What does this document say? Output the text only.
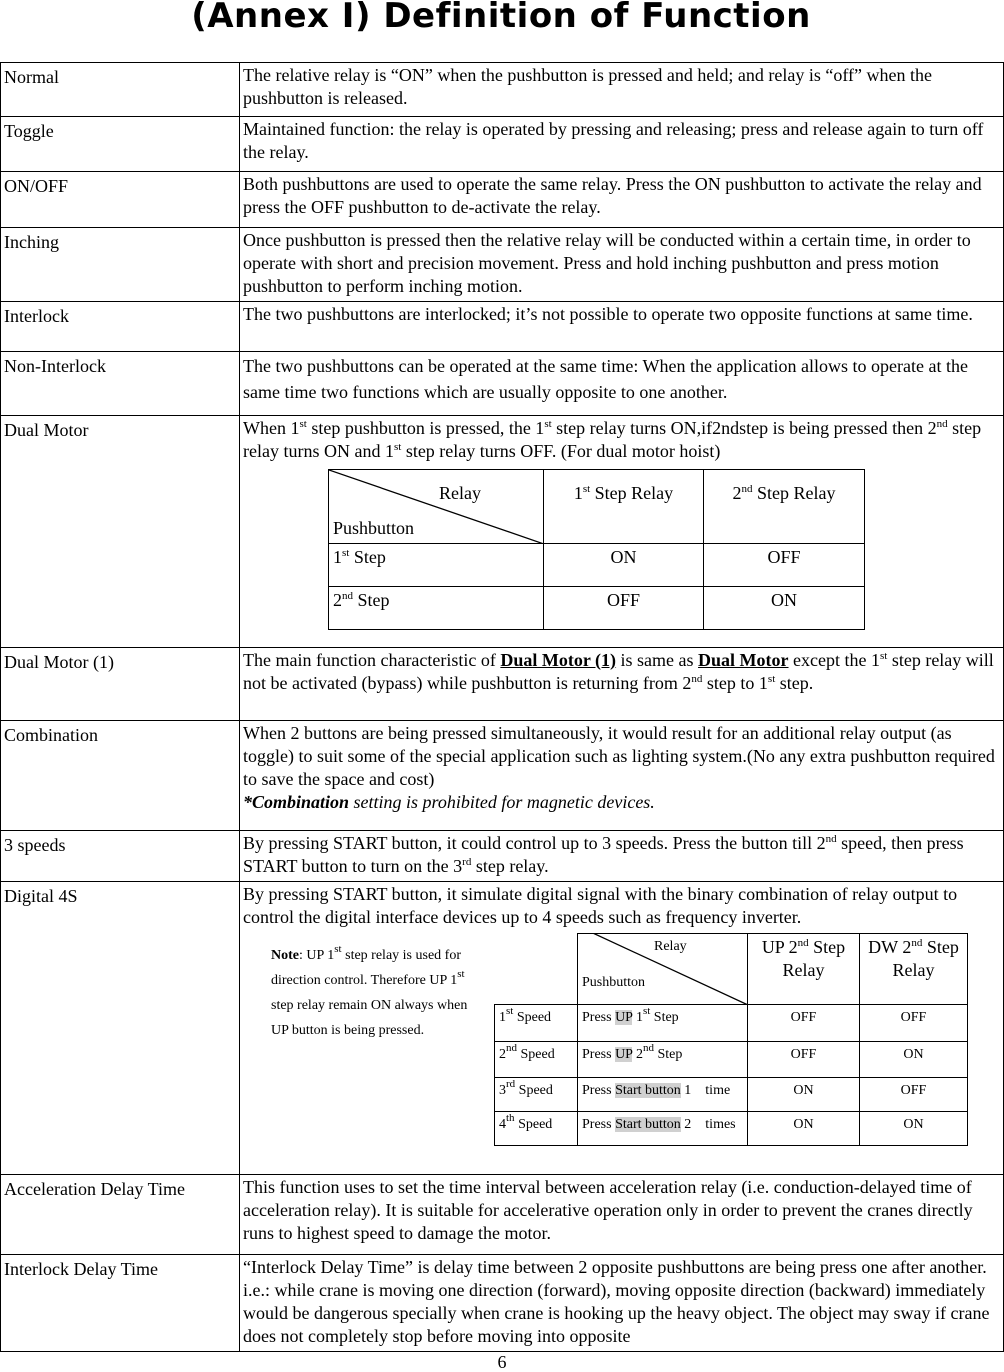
(Annex I) Definition of Function
Normal	The relative relay is “ON” when the pushbutton is pressed and held; and relay is “off” when the pushbutton is released.
Toggle	Maintained function: the relay is operated by pressing and releasing; press and release again to turn off the relay.
ON/OFF	Both pushbuttons are used to operate the same relay. Press the ON pushbutton to activate the relay and press the OFF pushbutton to de-activate the relay.
Inching	Once pushbutton is pressed then the relative relay will be conducted within a certain time, in order to operate with short and precision movement. Press and hold inching pushbutton and press motion pushbutton to perform inching motion.
Interlock	The two pushbuttons are interlocked; it’s not possible to operate two opposite functions at same time.
Non-Interlock	The two pushbuttons can be operated at the same time: When the application allows to operate at the same time two functions which are usually opposite to one another.
Dual Motor	When 1st step pushbutton is pressed, the 1st step relay turns ON,if2ndstep is being pressed then 2nd step relay turns ON and 1st step relay turns OFF. (For dual motor hoist)
Relay
Pushbutton
	1st Step Relay	2nd Step Relay
1st Step	ON	OFF
2nd Step	OFF	ON

Dual Motor (1)	The main function characteristic of Dual Motor (1) is same as Dual Motor except the 1st step relay will not be activated (bypass) while pushbutton is returning from 2nd step to 1st step.
Combination	When 2 buttons are being pressed simultaneously, it would result for an additional relay output (as toggle) to suit some of the special application such as lighting system.(No any extra pushbutton required to save the space and cost)
*Combination setting is prohibited for magnetic devices.
3 speeds	By pressing START button, it could control up to 3 speeds. Press the button till 2nd speed, then press START button to turn on the 3rd step relay.
Digital 4S	By pressing START button, it simulate digital signal with the binary combination of relay output to control the digital interface devices up to 4 speeds such as frequency inverter.
Note: UP 1st step relay is used for direction control. Therefore UP 1st step relay remain ON always when UP button is being pressed.

Relay
Pushbutton
	UP 2nd Step Relay	DW 2nd Step Relay
1st Speed	Press UP 1st Step	OFF	OFF
2nd Speed	Press UP 2nd Step	OFF	ON
3rd Speed	Press Start button 1 time	ON	OFF
4th Speed	Press Start button 2 times	ON	ON

Acceleration Delay Time	This function uses to set the time interval between acceleration relay (i.e. conduction-delayed time of acceleration relay). It is suitable for accelerative operation only in order to prevent the cranes directly runs to highest speed to damage the motor.
Interlock Delay Time	“Interlock Delay Time” is delay time between 2 opposite pushbuttons are being press one after another. i.e.: while crane is moving one direction (forward), moving opposite direction (backward) immediately would be dangerous specially when crane is hooking up the heavy object. The object may sway if crane does not completely stop before moving into opposite
6
